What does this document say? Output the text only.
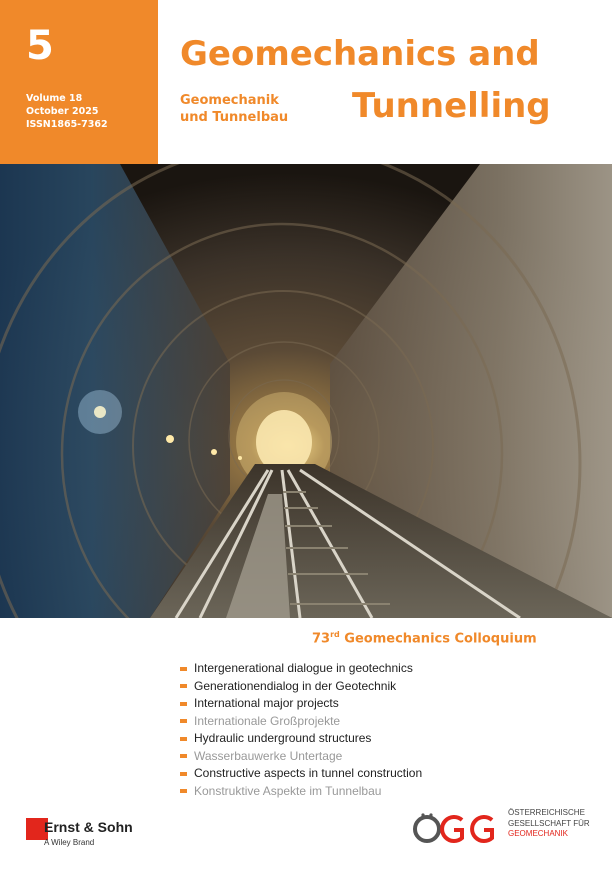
5
Volume 18
October 2025
ISSN1865-7362
Geomechanics and
Tunnelling
Geomechanik
und Tunnelbau
73rd Geomechanics Colloquium
Intergenerational dialogue in geotechnics
Generationendialog in der Geotechnik
International major projects
Internationale Großprojekte
Hydraulic underground structures
Wasserbauwerke Untertage
Constructive aspects in tunnel construction
Konstruktive Aspekte im Tunnelbau
Ernst & Sohn
A Wiley Brand
ÖSTERREICHISCHE
GESELLSCHAFT FÜR
GEOMECHANIK
